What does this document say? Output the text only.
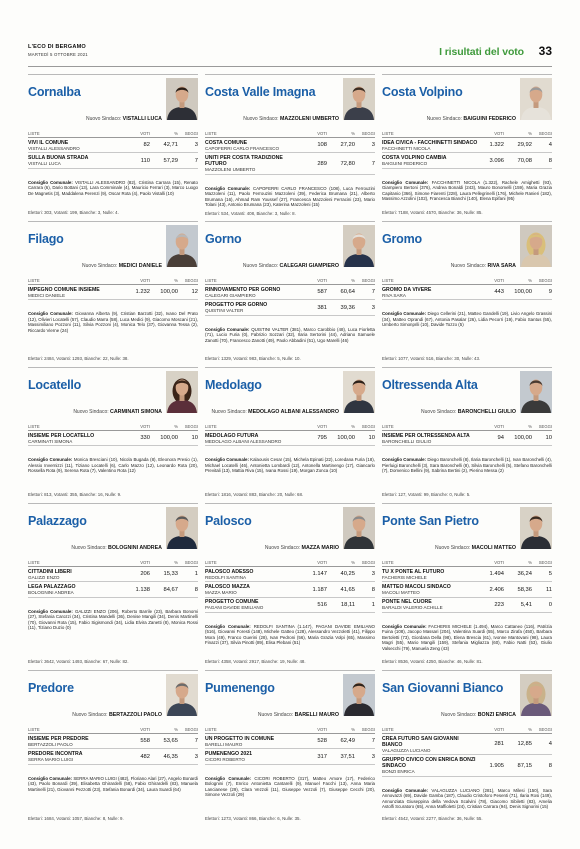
L'ECO DI BERGAMO
MARTEDÌ 5 OTTOBRE 2021	I risultati del voto 33
Cornalba
Nuovo Sindaco: VISTALLI LUCA
LISTE	VOTI	%	SEGGI
VIVI IL COMUNE
VISTALLI ALESSANDRO	82	42,71	3
SULLA BUONA STRADA
VISTALLI LUCA	110	57,29	7

Consiglio Comunale: VISTALLI ALESSANDRO (82), Cristina Carrara (15), Renato Carrara (6), Dario Bottani (13), Lara Comminale (4), Mauricio Ferrari (3), Marco Luogo De Magnetis (3), Maddalena Perenzi (9), Oscar Rota (4), Paolo Vistalli (10)

Elettori: 303, Votanti: 199, Bianche: 3, Nulle: 4.
Costa Valle Imagna
Nuovo Sindaco: MAZZOLENI UMBERTO
LISTE	VOTI	%	SEGGI
COSTA COMUNE
CAPOFERRI CARLO FRANCESCO	108	27,20	3
UNITI PER COSTA TRADIZIONE FUTURO
MAZZOLENI UMBERTO
289	72,80	7

Consiglio Comunale: CAPOFERRI CARLO FRANCESCO (108), Luca Ferrouzini Mazzoleni (11), Paolo Ferrouzini Mazzoleni (39), Federica Brumana (21), Alberto Brumana (16), Ahmad Ram Youssef (27), Francesca Mazzoleni Ferracini (23), Mario Tolani (43), Antonio Brumana (23), Katerina Mazzoleni (15)

Elettori: 534, Votanti: 408, Bianche: 3, Nulle: 8.
Costa Volpino
Nuovo Sindaco: BAIGUINI FEDERICO
LISTE	VOTI	%	SEGGI
IDEA CIVICA - FACCHINETTI SINDACO
FACCHINETTI NICOLA	1.322	29,92	4
COSTA VOLPINO CAMBIA
BAIGUINI FEDERICO	3.096	70,08	8

Consiglio Comunale: FACCHINETTI NICOLA (1.322), Rachele Amighetti (93), Giampiero Bertoni (376), Andrea Bonaldi (243), Mauro Bonomelli (159), Maria Grazia Capitanio (366), Simone Fiarenti (228), Laura Pellegrinelli (176), Michele Ranieri (182), Massimo Azzolini (102), Francesca Bianchi (140), Elena Epifani (95)

Elettori: 7188, Votanti: 4570, Bianche: 36, Nulle: 85.
Filago
Nuovo Sindaco: MEDICI DANIELE
LISTE	VOTI	%	SEGGI
IMPEGNO COMUNE INSIEME
MEDICI DANIELE	1.232	100,00	12

Consiglio Comunale: Giovanna Alberta (9), Cristian Barzotti (32), Ivano Del Prato (12), Olivieri Locatelli (57), Claudio Marra (58), Luca Medici (9), Giacomo Moscani (21), Massimiliano Pozzoni (11), Silvia Pozzoni (4), Monica Telo (37), Giovanna Tessa (2), Riccardo Vierne (24)

Elettori: 2484, Votanti: 1293, Bianche: 22, Nulle: 38.
Gorno
Nuovo Sindaco: CALEGARI GIAMPIERO
LISTE	VOTI	%	SEGGI
RINNOVAMENTO PER GORNO
CALEGARI GIAMPIERO	587	60,64	7
PROGETTO PER GORNO
QUISTINI VALTER	381	39,36	3

Consiglio Comunale: QUISTINI VALTER (381), Marco Carobbio (48), Luca Fiorletta (71), Lucio Furia (0), Fabrizio Sozzari (32), Ilaria Sertorini (44), Adriano Samuele Zanotti (70), Francesco Zanotti (49), Paolo Abbadini (51), Ugo Marelli (46)

Elettori: 1329, Votanti: 983, Bianche: 5, Nulle: 10.
Gromo
Nuovo Sindaco: RIVA SARA
LISTE	VOTI	%	SEGGI
GROMO DA VIVERE
RIVA SARA	443	100,00	9

Consiglio Comunale: Diego Cellerini (21), Matteo Gandelli (19), Livio Angelo Grassini (34), Matteo Oprandi (67), Antonia Pasalar (26), Lidia Pecorri (19), Fabio Santus (55), Umberto Simonprili (10), Davide Tozzo (5)

Elettori: 1077, Votanti: 516, Bianche: 30, Nulle: 43.
Locatello
Nuovo Sindaco: CARMINATI SIMONA
LISTE	VOTI	%	SEGGI
INSIEME PER LOCATELLO
CARMINATI SIMONA	330	100,00	10

Consiglio Comunale: Monica Bresciani (10), Nicola Bugada (8), Eleonora Presio (1), Alessio Invernizzi (11), Tiziano Locatelli (6), Carlo Mazzo (12), Leonardo Rota (20), Rossella Rota (9), Serena Rota (7), Valentino Rota (12)

Elettori: 813, Votanti: 355, Bianche: 16, Nulle: 9.
Medolago
Nuovo Sindaco: MEDOLAGO ALBANI ALESSANDRO
LISTE	VOTI	%	SEGGI
MEDOLAGO FUTURA
MEDOLAGO ALBANI ALESSANDRO	795	100,00	10

Consiglio Comunale: Kalaousis Cesar (15), Michela Epinati (22), Loredana Furia (18), Michael Locatelli (46), Antonietta Lombardi (12), Antonella Martinengo (17), Giancarlo Previtali (13), Mattia Riva (15), Ivana Rossi (19), Morgan Zonca (10)

Elettori: 1816, Votanti: 883, Bianche: 20, Nulle: 68.
Oltressenda Alta
Nuovo Sindaco: BARONCHELLI GIULIO
LISTE	VOTI	%	SEGGI
INSIEME PER OLTRESSENDA ALTA
BARONCHELLI GIULIO	94	100,00	10

Consiglio Comunale: Diego Baronchelli (8), Ilaria Baronchelli (1), Ivan Baronchelli (4), Pierluigi Baronchelli (3), Sara Baronchelli (8), Silvia Baronchelli (5), Stefano Baronchelli (7), Domenico Bellini (9), Sabrina Bertini (2), Pierino Messa (2)

Elettori: 127, Votanti: 99, Bianche: 0, Nulle: 5.
Palazzago
Nuovo Sindaco: BOLOGNINI ANDREA
LISTE	VOTI	%	SEGGI
CITTADINI LIBERI
GALIZZI ENZO	206	15,33	1
LEGA PALAZZAGO
BOLOGNINI ANDREA	1.138	84,67	8

Consiglio Comunale: GALIZZI ENZO (206), Roberto Barrile (23), Barbara Bonomi (27), Stefania Carozzi (34), Cristina Mandelli (36), Denise Mangili (34), Denis Martinelli (70), Giovanni Rota (15), Fabio Sigismondi (34), Lidia Elvira Zanetti (8), Monica Rossi (11), Tiziano Duzio (0)

Elettori: 3642, Votanti: 1493, Bianche: 67, Nulle: 82.
Palosco
Nuovo Sindaco: MAZZA MARIO
LISTE	VOTI	%	SEGGI
PALOSCO ADESSO
REDOLFI SANTINA	1.147	40,25	3
PALOSCO MAZZA
MAZZA MARIO	1.187	41,65	8
PROGETTO COMUNE
PAGANI DAVIDE EMILIANO	516	18,11	1

Consiglio Comunale: REDOLFI SANTINA (1.147), PAGANI DAVIDE EMILIANO (516), Giovanni Foresti (148), Michele Gatteo (128), Alessandro Vezzoletti (41), Filippo Mora (49), Franco Guerini (28), Ivan Pedroni (56), Maria Grazia Volpi (65), Massimo Finazzi (37), Silvia Pinotti (89), Elisa Plebani (51)

Elettori: 4358, Votanti: 2917, Bianche: 19, Nulle: 48.
Ponte San Pietro
Nuovo Sindaco: MACOLI MATTEO
LISTE	VOTI	%	SEGGI
TU X PONTE AL FUTURO
FACHERIS MICHELE	1.494	36,24	5
MATTEO MACOLI SINDACO
MACOLI MATTEO	2.406	58,36	11
PONTE NEL CUORE
BARALDI VALERIO ACHILLE	223	5,41	0

Consiglio Comunale: FACHERIS MICHELE (1.494), Marco Cattaneo (116), Patrizia Fuina (108), Jacopo Massari (204), Valentina Suardi (55), Marco Zirafa (450), Barbara Bertoletti (73), Giordana Della (98), Elena Brescia (61), Ivonne Mantovani (98), Laura Magri (55), Mario Mangili (159), Stefania Migliazza (60), Fabio Natti (53), Giulio Valsecchi (79), Manuela Zeng (43)

Elettori: 8536, Votanti: 4250, Bianche: 46, Nulle: 81.
Predore
Nuovo Sindaco: BERTAZZOLI PAOLO
LISTE	VOTI	%	SEGGI
INSIEME PER PREDORE
BERTAZZOLI PAOLO	558	53,65	7
PREDORE INCONTRA
SERRA MARIO LUIGI	482	46,35	3

Consiglio Comunale: SERRA MARIO LUIGI (482), Floriano Alari (27), Angelo Bonardi (43), Paolo Bonardi (39), Elisabetta Ghirardelli (58), Fabio Ghirardelli (83), Manuela Martinelli (21), Giovanni Pezzotti (23), Stefania Bonardi (34), Laura Suardi (64)

Elettori: 1684, Votanti: 1057, Bianche: 8, Nulle: 9.
Pumenengo
Nuovo Sindaco: BARELLI MAURO
LISTE	VOTI	%	SEGGI
UN PROGETTO IN COMUNE
BARELLI MAURO	528	62,49	7
PUMENENGO 2021
CICORI ROBERTO	317	37,51	3

Consiglio Comunale: CICORI ROBERTO (317), Matteo Amore (17), Federico Bolognini (7), Enrico Antonietta Cantarelli (9), Manuel Facchi (13), Anna Maria Lancianese (29), Clara Vezzoli (11), Giuseppe Vezzoli (7), Giuseppe Cecchi (20), Simone Vezzoli (29)

Elettori: 1273, Votanti: 866, Bianche: 6, Nulle: 35.
San Giovanni Bianco
Nuovo Sindaco: BONZI ENRICA
LISTE	VOTI	%	SEGGI
CREA FUTURO SAN GIOVANNI BIANCO
VALAGUZZA LUCIANO
281	12,85	4
GRUPPO CIVICO CON ENRICA BONZI SINDACO
BONZI ENRICA
1.905	87,15	8

Consiglio Comunale: VALAGUZZA LUCIANO (281), Marco Milesi (150), Sara Annovazzi (69), Davide Gamba (187), Claudio Cristoforo Pesenti (71), Ilaria Rosi (149), Annunziata Giuseppina della Vedova Scalvini (78), Giacomo Sibiletti (83), Amelia Astolfi Scuratoro (65), Anna Maffioletti (24), Cristian Carrara (94), Denis Signorini (15)

Elettori: 4542, Votanti: 2277, Bianche: 36, Nulle: 55.
